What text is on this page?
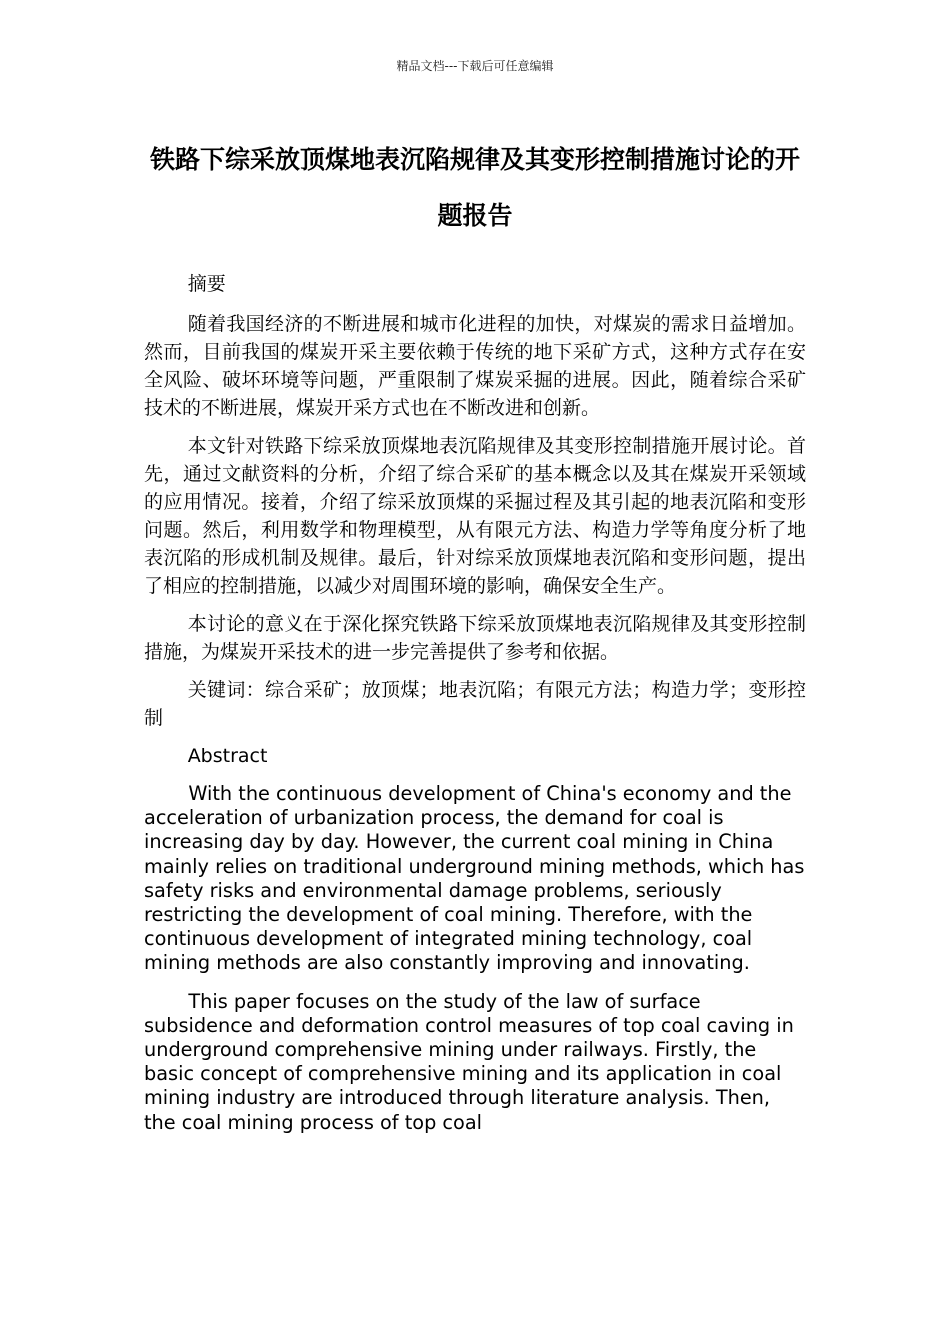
精品文档---下载后可任意编辑
铁路下综采放顶煤地表沉陷规律及其变形控制措施讨论的开题报告

摘要

随着我国经济的不断进展和城市化进程的加快，对煤炭的需求日益增加。然而，目前我国的煤炭开采主要依赖于传统的地下采矿方式，这种方式存在安全风险、破坏环境等问题，严重限制了煤炭采掘的进展。因此，随着综合采矿技术的不断进展，煤炭开采方式也在不断改进和创新。

本文针对铁路下综采放顶煤地表沉陷规律及其变形控制措施开展讨论。首先，通过文献资料的分析，介绍了综合采矿的基本概念以及其在煤炭开采领域的应用情况。接着，介绍了综采放顶煤的采掘过程及其引起的地表沉陷和变形问题。然后，利用数学和物理模型，从有限元方法、构造力学等角度分析了地表沉陷的形成机制及规律。最后，针对综采放顶煤地表沉陷和变形问题，提出了相应的控制措施，以减少对周围环境的影响，确保安全生产。

本讨论的意义在于深化探究铁路下综采放顶煤地表沉陷规律及其变形控制措施，为煤炭开采技术的进一步完善提供了参考和依据。

关键词：综合采矿；放顶煤；地表沉陷；有限元方法；构造力学；变形控制

Abstract

With the continuous development of China's economy and the acceleration of urbanization process, the demand for coal is increasing day by day. However, the current coal mining in China mainly relies on traditional underground mining methods, which has safety risks and environmental damage problems, seriously restricting the development of coal mining. Therefore, with the continuous development of integrated mining technology, coal mining methods are also constantly improving and innovating.

This paper focuses on the study of the law of surface subsidence and deformation control measures of top coal caving in underground comprehensive mining under railways. Firstly, the basic concept of comprehensive mining and its application in coal mining industry are introduced through literature analysis. Then, the coal mining process of top coal
